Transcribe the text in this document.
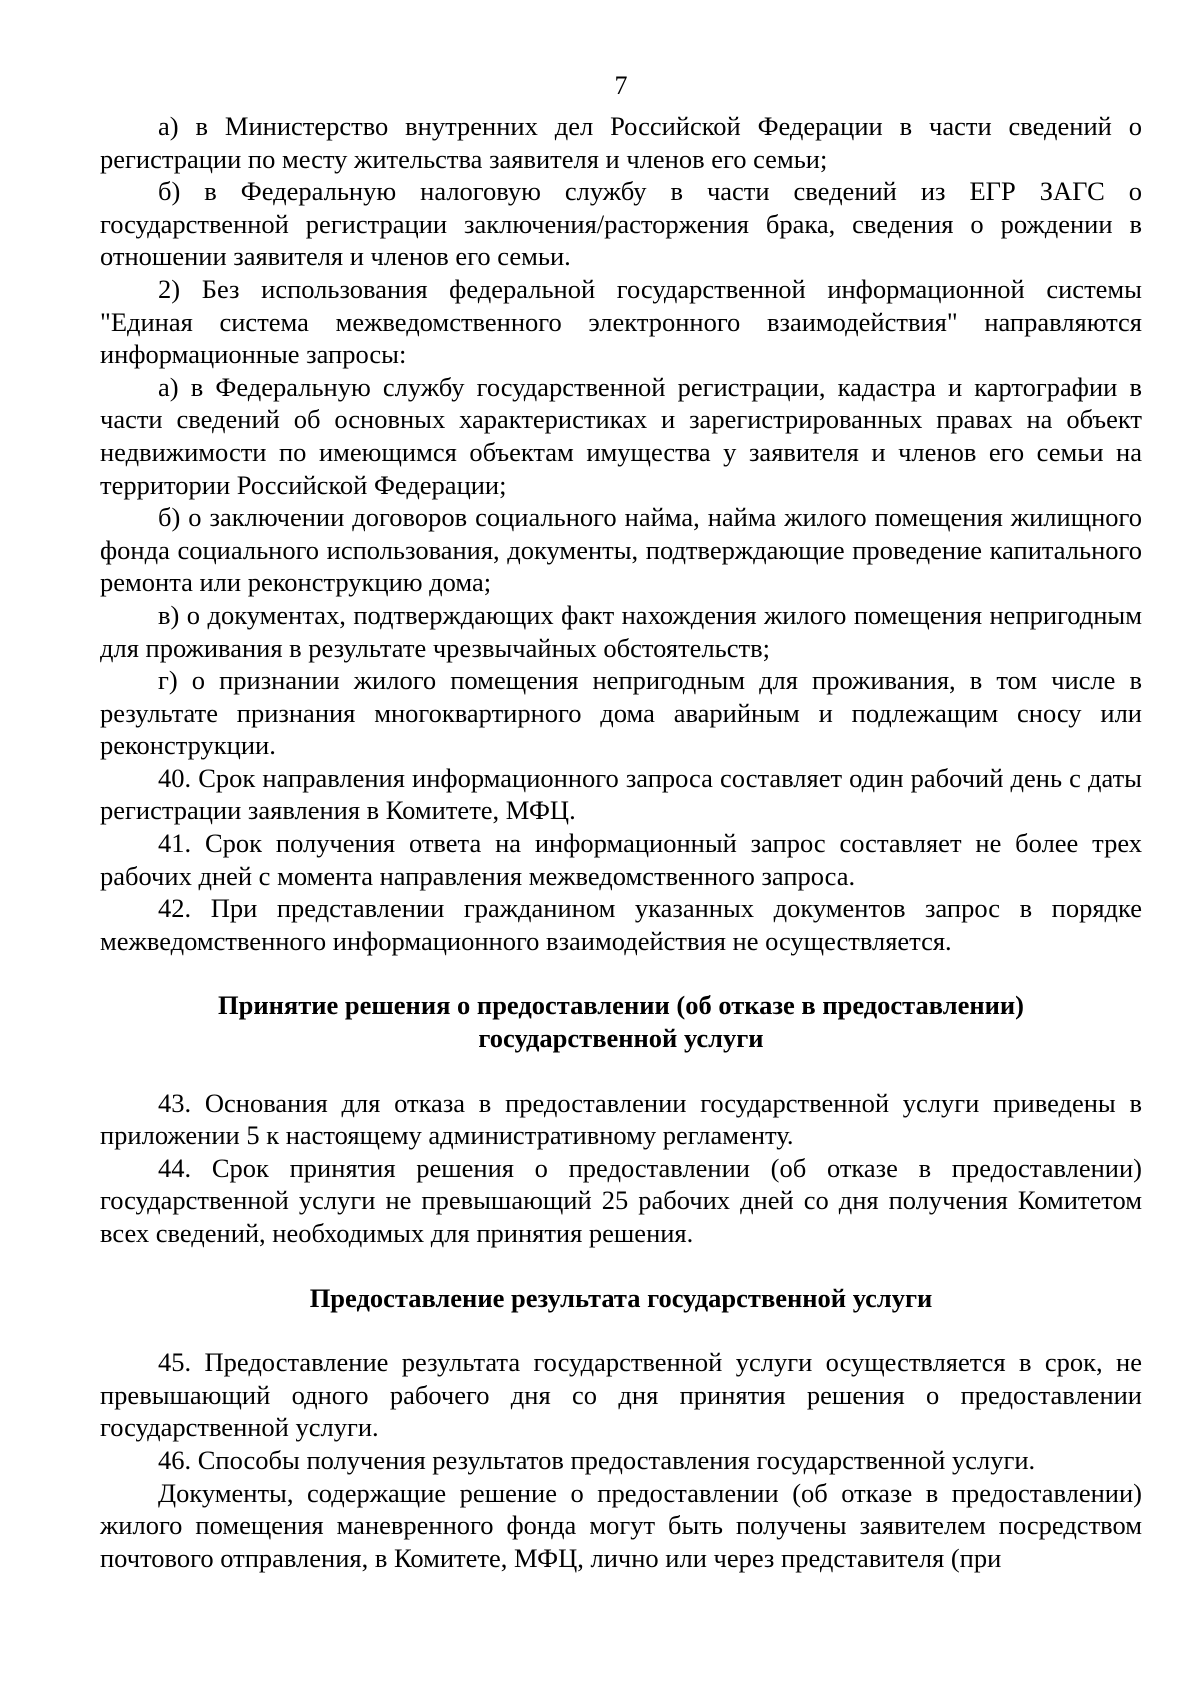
7

а) в Министерство внутренних дел Российской Федерации в части сведений о регистрации по месту жительства заявителя и членов его семьи;

б) в Федеральную налоговую службу в части сведений из ЕГР ЗАГС о государственной регистрации заключения/расторжения брака, сведения о рождении в отношении заявителя и членов его семьи.

2) Без использования федеральной государственной информационной системы "Единая система межведомственного электронного взаимодействия" направляются информационные запросы:

а) в Федеральную службу государственной регистрации, кадастра и картографии в части сведений об основных характеристиках и зарегистрированных правах на объект недвижимости по имеющимся объектам имущества у заявителя и членов его семьи на территории Российской Федерации;

б) о заключении договоров социального найма, найма жилого помещения жилищного фонда социального использования, документы, подтверждающие проведение капитального ремонта или реконструкцию дома;

в) о документах, подтверждающих факт нахождения жилого помещения непригодным для проживания в результате чрезвычайных обстоятельств;

г) о признании жилого помещения непригодным для проживания, в том числе в результате признания многоквартирного дома аварийным и подлежащим сносу или реконструкции.

40. Срок направления информационного запроса составляет один рабочий день с даты регистрации заявления в Комитете, МФЦ.

41. Срок получения ответа на информационный запрос составляет не более трех рабочих дней с момента направления межведомственного запроса.

42. При представлении гражданином указанных документов запрос в порядке межведомственного информационного взаимодействия не осуществляется.

Принятие решения о предоставлении (об отказе в предоставлении)

государственной услуги

43. Основания для отказа в предоставлении государственной услуги приведены в приложении 5 к настоящему административному регламенту.

44. Срок принятия решения о предоставлении (об отказе в предоставлении) государственной услуги не превышающий 25 рабочих дней со дня получения Комитетом всех сведений, необходимых для принятия решения.

Предоставление результата государственной услуги

45. Предоставление результата государственной услуги осуществляется в срок, не превышающий одного рабочего дня со дня принятия решения о предоставлении государственной услуги.

46. Способы получения результатов предоставления государственной услуги.

Документы, содержащие решение о предоставлении (об отказе в предоставлении) жилого помещения маневренного фонда могут быть получены заявителем посредством почтового отправления, в Комитете, МФЦ, лично или через представителя (при
